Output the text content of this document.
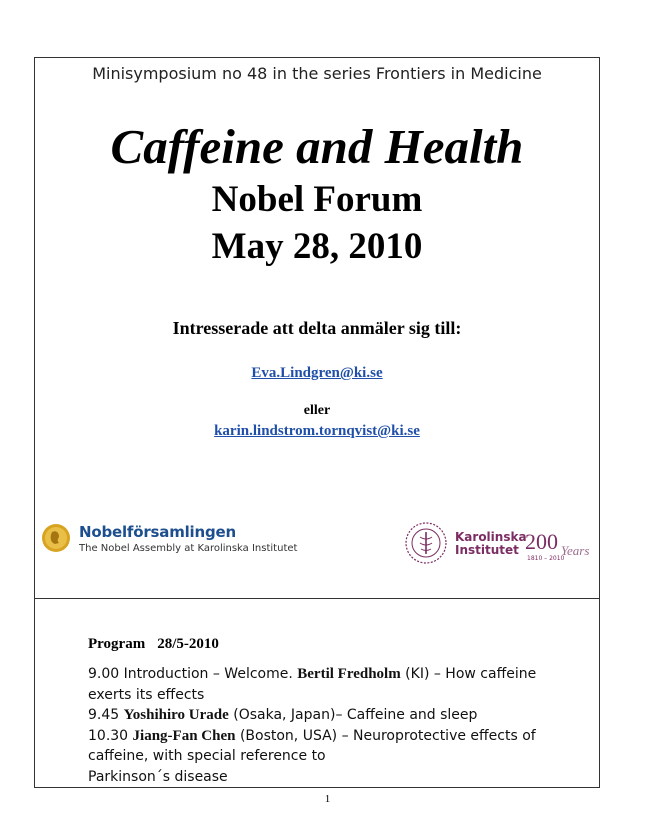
Minisymposium no 48 in the series Frontiers in Medicine
Caffeine and Health
Nobel Forum
May 28, 2010
Intresserade att delta anmäler sig till:
Eva.Lindgren@ki.se
eller
karin.lindstrom.tornqvist@ki.se
Nobelförsamlingen
The Nobel Assembly at Karolinska Institutet
Karolinska
Institutet 200 Years
1810 – 2010
Program 28/5-2010

9.00 Introduction – Welcome. Bertil Fredholm (KI) – How caffeine exerts its effects

9.45 Yoshihiro Urade (Osaka, Japan)– Caffeine and sleep

10.30 Jiang-Fan Chen (Boston, USA) – Neuroprotective effects of caffeine, with special reference to

Parkinson´s disease

1
